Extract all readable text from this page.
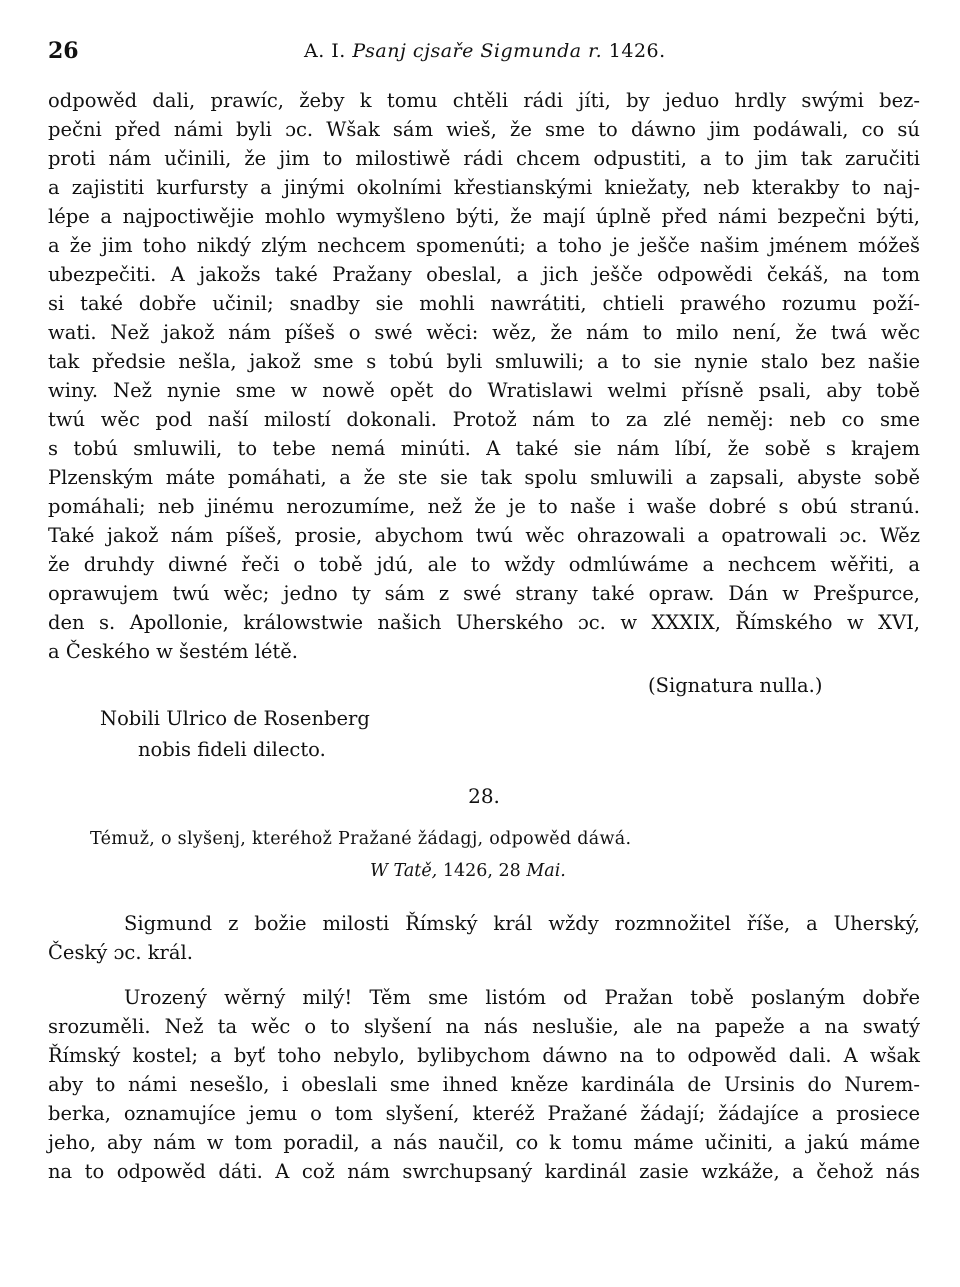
26	A. I. Psanj cjsaře Sigmunda r. 1426.
odpowěd dali, prawíc, žeby k tomu chtěli rádi jíti, by jeduo hrdly swými bez-
pečni před námi byli ɔc. Wšak sám wieš, že sme to dáwno jim podáwali, co sú
proti nám učinili, že jim to milostiwě rádi chcem odpustiti, a to jim tak zaručiti
a zajistiti kurfursty a jinými okolními křestianskými kniežaty, neb kterakby to naj-
lépe a najpoctiwějie mohlo wymyšleno býti, že mají úplně před námi bezpečni býti,
a že jim toho nikdý zlým nechcem spomenúti; a toho je ješče našim jménem móžeš
ubezpečiti. A jakožs také Pražany obeslal, a jich ješče odpowědi čekáš, na tom
si také dobře učinil; snadby sie mohli nawrátiti, chtieli prawého rozumu poží-
wati. Než jakož nám píšeš o swé wěci: wěz, že nám to milo není, že twá wěc
tak předsie nešla, jakož sme s tobú byli smluwili; a to sie nynie stalo bez našie
winy. Než nynie sme w nowě opět do Wratislawi welmi přísně psali, aby tobě
twú wěc pod naší milostí dokonali. Protož nám to za zlé neměj: neb co sme
s tobú smluwili, to tebe nemá minúti. A také sie nám líbí, že sobě s krajem
Plzenským máte pomáhati, a že ste sie tak spolu smluwili a zapsali, abyste sobě
pomáhali; neb jinému nerozumíme, než že je to naše i waše dobré s obú stranú.
Také jakož nám píšeš, prosie, abychom twú wěc ohrazowali a opatrowali ɔc. Wěz
že druhdy diwné řeči o tobě jdú, ale to wždy odmlúwáme a nechcem wěřiti, a
oprawujem twú wěc; jedno ty sám z swé strany také opraw. Dán w Prešpurce,
den s. Apollonie, králowstwie našich Uherského ɔc. w XXXIX, Římského w XVI,
a Českého w šestém létě.
(Signatura nulla.)
Nobili Ulrico de Rosenberg
nobis fideli dilecto.
28.
Témuž, o slyšenj, kteréhož Pražané žádagj, odpowěd dáwá.
W Tatě, 1426, 28 Mai.
Sigmund z božie milosti Římský král wždy rozmnožitel říše, a Uherský,
Český ɔc. král.
Urozený wěrný milý! Těm sme listóm od Pražan tobě poslaným dobře
srozuměli. Než ta wěc o to slyšení na nás neslušie, ale na papeže a na swatý
Římský kostel; a byť toho nebylo, bylibychom dáwno na to odpowěd dali. A wšak
aby to námi nesešlo, i obeslali sme ihned kněze kardinála de Ursinis do Nurem-
berka, oznamujíce jemu o tom slyšení, kteréž Pražané žádají; žádajíce a prosiece
jeho, aby nám w tom poradil, a nás naučil, co k tomu máme učiniti, a jakú máme
na to odpowěd dáti. A což nám swrchupsaný kardinál zasie wzkáže, a čehož nás
